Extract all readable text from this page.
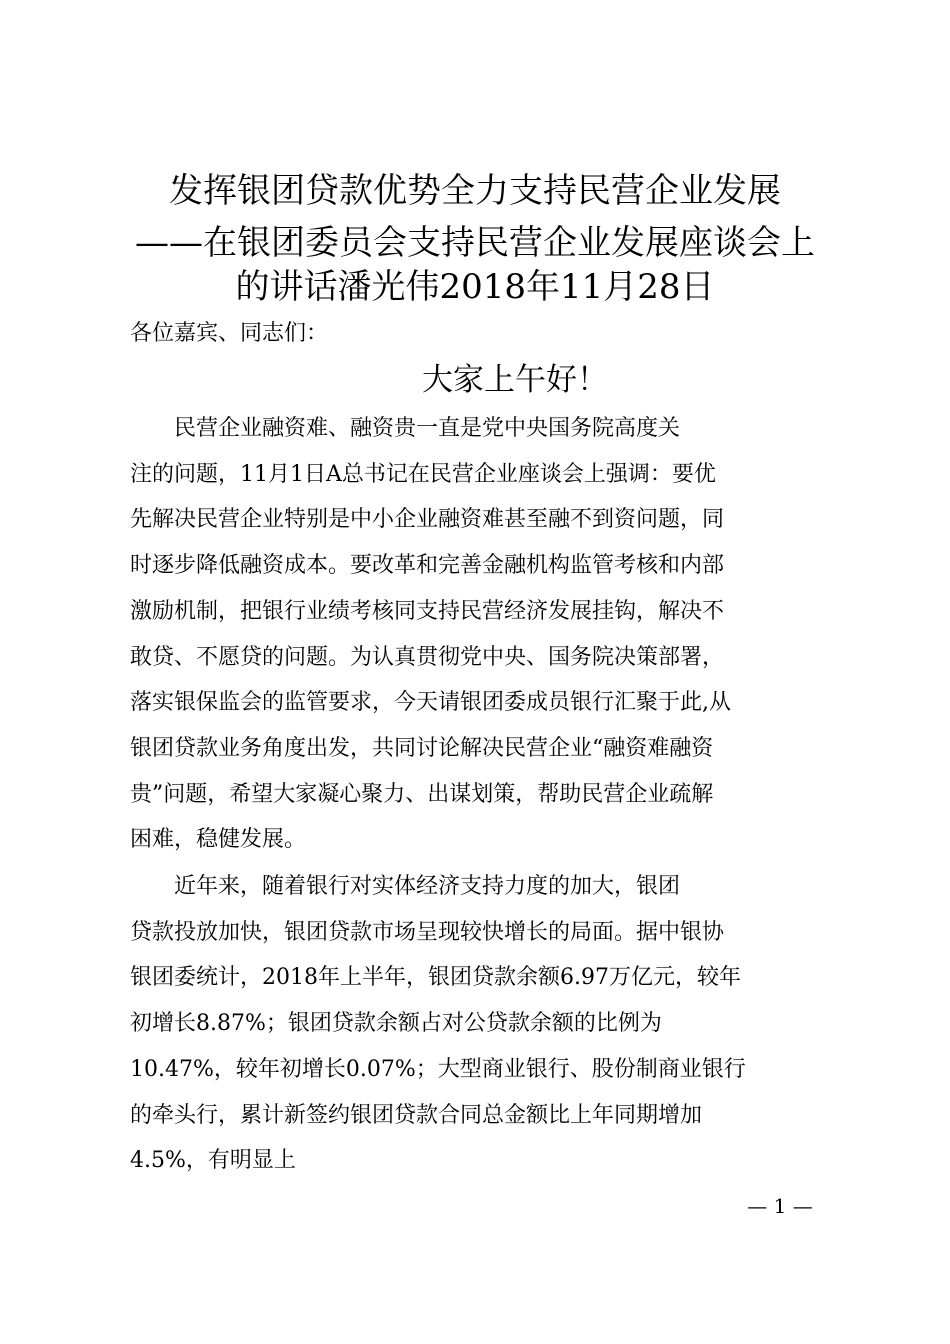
发挥银团贷款优势全力支持民营企业发展
——在银团委员会支持民营企业发展座谈会上
的讲话潘光伟2018年11月28日
各位嘉宾、同志们：
大家上午好！
　　民营企业融资难、融资贵一直是党中央国务院高度关
注的问题，11月1日A总书记在民营企业座谈会上强调：要优
先解决民营企业特别是中小企业融资难甚至融不到资问题，同
时逐步降低融资成本。要改革和完善金融机构监管考核和内部
激励机制，把银行业绩考核同支持民营经济发展挂钩，解决不
敢贷、不愿贷的问题。为认真贯彻党中央、国务院决策部署，
落实银保监会的监管要求，今天请银团委成员银行汇聚于此,从
银团贷款业务角度出发，共同讨论解决民营企业“融资难融资
贵”问题，希望大家凝心聚力、出谋划策，帮助民营企业疏解
困难，稳健发展。
　　近年来，随着银行对实体经济支持力度的加大，银团
贷款投放加快，银团贷款市场呈现较快增长的局面。据中银协
银团委统计，2018年上半年，银团贷款余额6.97万亿元，较年
初增长8.87%；银团贷款余额占对公贷款余额的比例为
10.47%，较年初增长0.07%；大型商业银行、股份制商业银行
的牵头行，累计新签约银团贷款合同总金额比上年同期增加
4.5%，有明显上
— 1 —
